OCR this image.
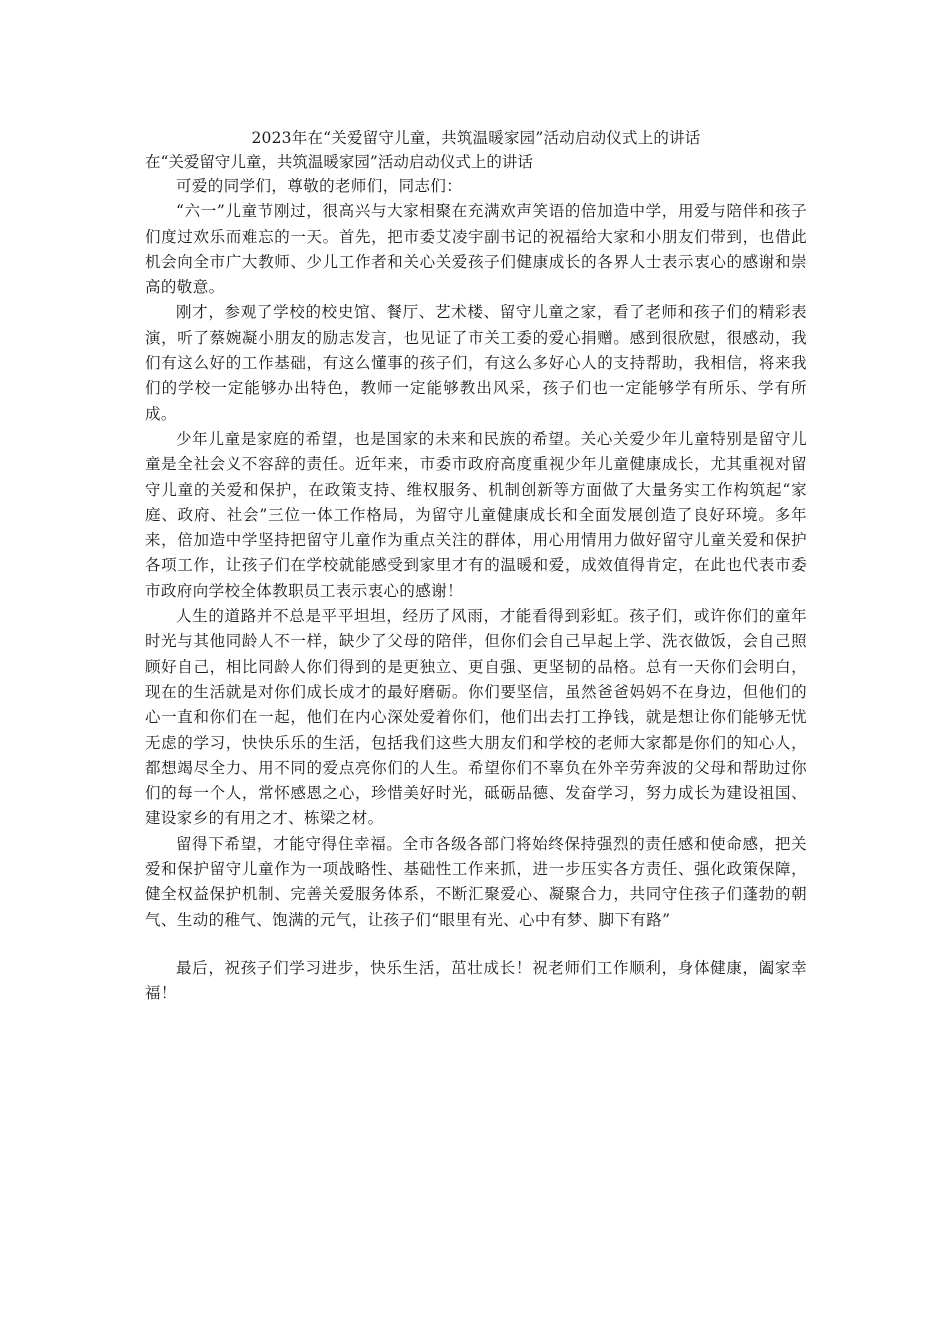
2023年在“关爱留守儿童，共筑温暖家园”活动启动仪式上的讲话
在“关爱留守儿童，共筑温暖家园”活动启动仪式上的讲话

可爱的同学们，尊敬的老师们，同志们：

“六一”儿童节刚过，很高兴与大家相聚在充满欢声笑语的倍加造中学，用爱与陪伴和孩子们度过欢乐而难忘的一天。首先，把市委艾凌宇副书记的祝福给大家和小朋友们带到，也借此机会向全市广大教师、少儿工作者和关心关爱孩子们健康成长的各界人士表示衷心的感谢和崇高的敬意。

刚才，参观了学校的校史馆、餐厅、艺术楼、留守儿童之家，看了老师和孩子们的精彩表演，听了蔡婉凝小朋友的励志发言，也见证了市关工委的爱心捐赠。感到很欣慰，很感动，我们有这么好的工作基础，有这么懂事的孩子们，有这么多好心人的支持帮助，我相信，将来我们的学校一定能够办出特色，教师一定能够教出风采，孩子们也一定能够学有所乐、学有所成。

少年儿童是家庭的希望，也是国家的未来和民族的希望。关心关爱少年儿童特别是留守儿童是全社会义不容辞的责任。近年来，市委市政府高度重视少年儿童健康成长，尤其重视对留守儿童的关爱和保护，在政策支持、维权服务、机制创新等方面做了大量务实工作构筑起“家庭、政府、社会”三位一体工作格局，为留守儿童健康成长和全面发展创造了良好环境。多年来，倍加造中学坚持把留守儿童作为重点关注的群体，用心用情用力做好留守儿童关爱和保护各项工作，让孩子们在学校就能感受到家里才有的温暖和爱，成效值得肯定，在此也代表市委市政府向学校全体教职员工表示衷心的感谢！

人生的道路并不总是平平坦坦，经历了风雨，才能看得到彩虹。孩子们，或许你们的童年时光与其他同龄人不一样，缺少了父母的陪伴，但你们会自己早起上学、洗衣做饭，会自己照顾好自己，相比同龄人你们得到的是更独立、更自强、更坚韧的品格。总有一天你们会明白，现在的生活就是对你们成长成才的最好磨砺。你们要坚信，虽然爸爸妈妈不在身边，但他们的心一直和你们在一起，他们在内心深处爱着你们，他们出去打工挣钱，就是想让你们能够无忧无虑的学习，快快乐乐的生活，包括我们这些大朋友们和学校的老师大家都是你们的知心人，都想竭尽全力、用不同的爱点亮你们的人生。希望你们不辜负在外辛劳奔波的父母和帮助过你们的每一个人，常怀感恩之心，珍惜美好时光，砥砺品德、发奋学习，努力成长为建设祖国、建设家乡的有用之才、栋梁之材。

留得下希望，才能守得住幸福。全市各级各部门将始终保持强烈的责任感和使命感，把关爱和保护留守儿童作为一项战略性、基础性工作来抓，进一步压实各方责任、强化政策保障，健全权益保护机制、完善关爱服务体系，不断汇聚爱心、凝聚合力，共同守住孩子们蓬勃的朝气、生动的稚气、饱满的元气，让孩子们“眼里有光、心中有梦、脚下有路”

最后，祝孩子们学习进步，快乐生活，茁壮成长！祝老师们工作顺利，身体健康，阖家幸福！
